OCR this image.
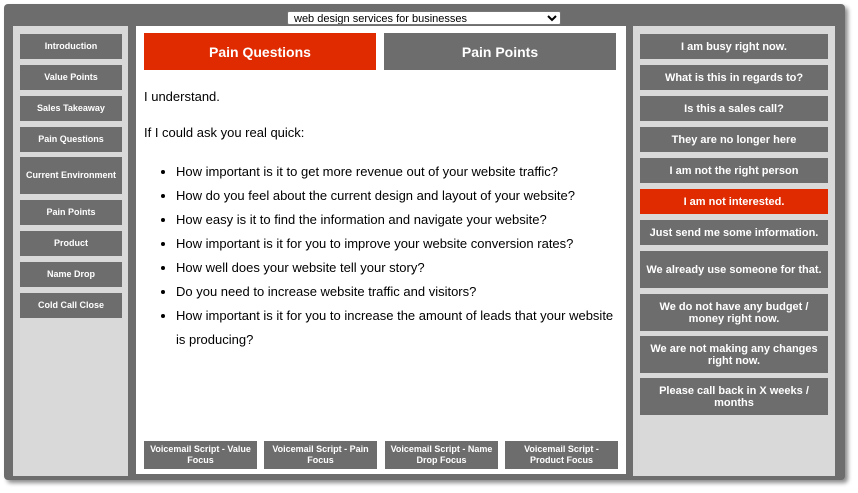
web design services for businesses
Introduction
Value Points
Sales Takeaway
Pain Questions
Current Environment
Pain Points
Product
Name Drop
Cold Call Close
Pain Questions	Pain Points

I understand.

If I could ask you real quick:

• How important is it to get more revenue out of your website traffic?
• How do you feel about the current design and layout of your website?
• How easy is it to find the information and navigate your website?
• How important is it for you to improve your website conversion rates?
• How well does your website tell your story?
• Do you need to increase website traffic and visitors?
• How important is it for you to increase the amount of leads that your website is producing?
Voicemail Script - Value Focus
Voicemail Script - Pain Focus
Voicemail Script - Name Drop Focus
Voicemail Script - Product Focus
I am busy right now.
What is this in regards to?
Is this a sales call?
They are no longer here
I am not the right person
I am not interested.
Just send me some information.
We already use someone for that.
We do not have any budget / money right now.
We are not making any changes right now.
Please call back in X weeks / months
